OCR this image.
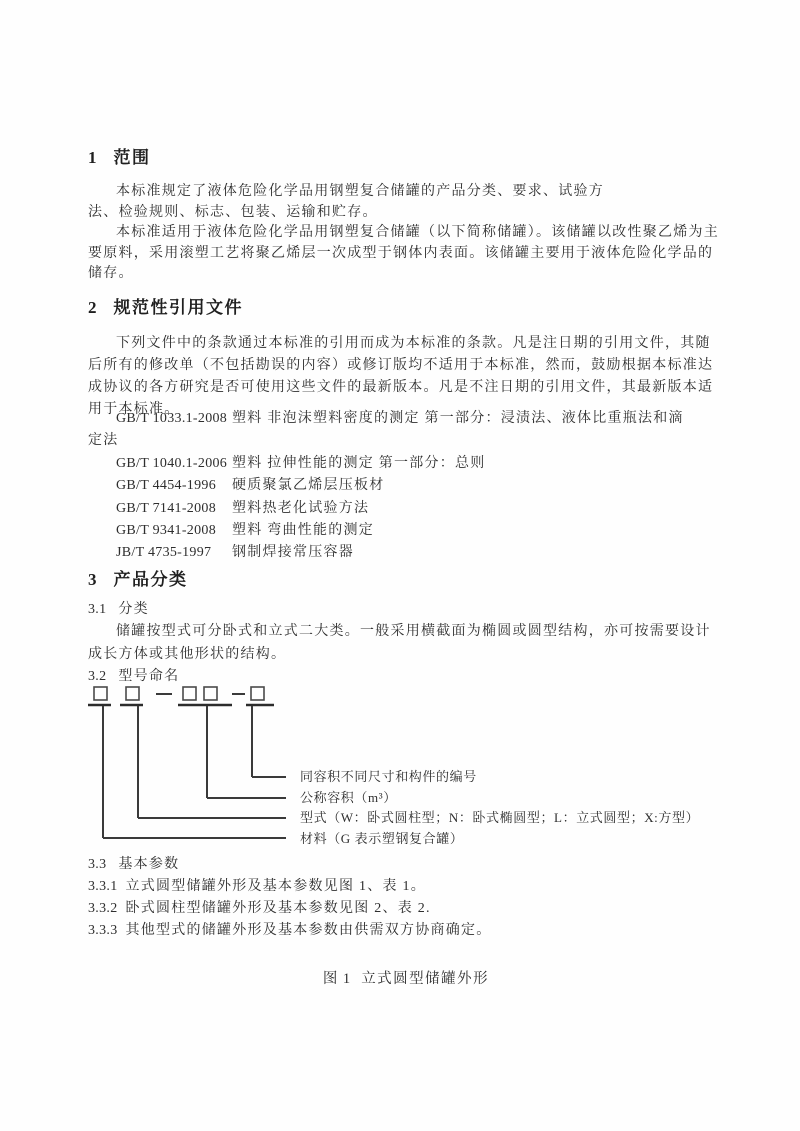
1 范围
本标准规定了液体危险化学品用钢塑复合储罐的产品分类、要求、试验方
法、检验规则、标志、包装、运输和贮存。
本标准适用于液体危险化学品用钢塑复合储罐（以下简称储罐）。该储罐以改性聚乙烯为主
要原料，采用滚塑工艺将聚乙烯层一次成型于钢体内表面。该储罐主要用于液体危险化学品的
储存。
2 规范性引用文件
下列文件中的条款通过本标准的引用而成为本标准的条款。凡是注日期的引用文件，其随
后所有的修改单（不包括勘误的内容）或修订版均不适用于本标准，然而，鼓励根据本标准达
成协议的各方研究是否可使用这些文件的最新版本。凡是不注日期的引用文件，其最新版本适
用于本标准。
GB/T 1033.1-2008 塑料 非泡沫塑料密度的测定 第一部分：浸渍法、液体比重瓶法和滴
定法
GB/T 1040.1-2006 塑料 拉伸性能的测定 第一部分：总则
GB/T 4454-1996 硬质聚氯乙烯层压板材
GB/T 7141-2008 塑料热老化试验方法
GB/T 9341-2008 塑料 弯曲性能的测定
JB/T 4735-1997 钢制焊接常压容器
3 产品分类
3.1 分类
储罐按型式可分卧式和立式二大类。一般采用横截面为椭圆或圆型结构，亦可按需要设计
成长方体或其他形状的结构。
3.2 型号命名
同容积不同尺寸和构件的编号
公称容积（m³）
型式（W：卧式圆柱型；N：卧式椭圆型；L：立式圆型；X:方型）
材料（G 表示塑钢复合罐）
3.3 基本参数
3.3.1 立式圆型储罐外形及基本参数见图 1、表 1。
3.3.2 卧式圆柱型储罐外形及基本参数见图 2、表 2.
3.3.3 其他型式的储罐外形及基本参数由供需双方协商确定。
图 1 立式圆型储罐外形
